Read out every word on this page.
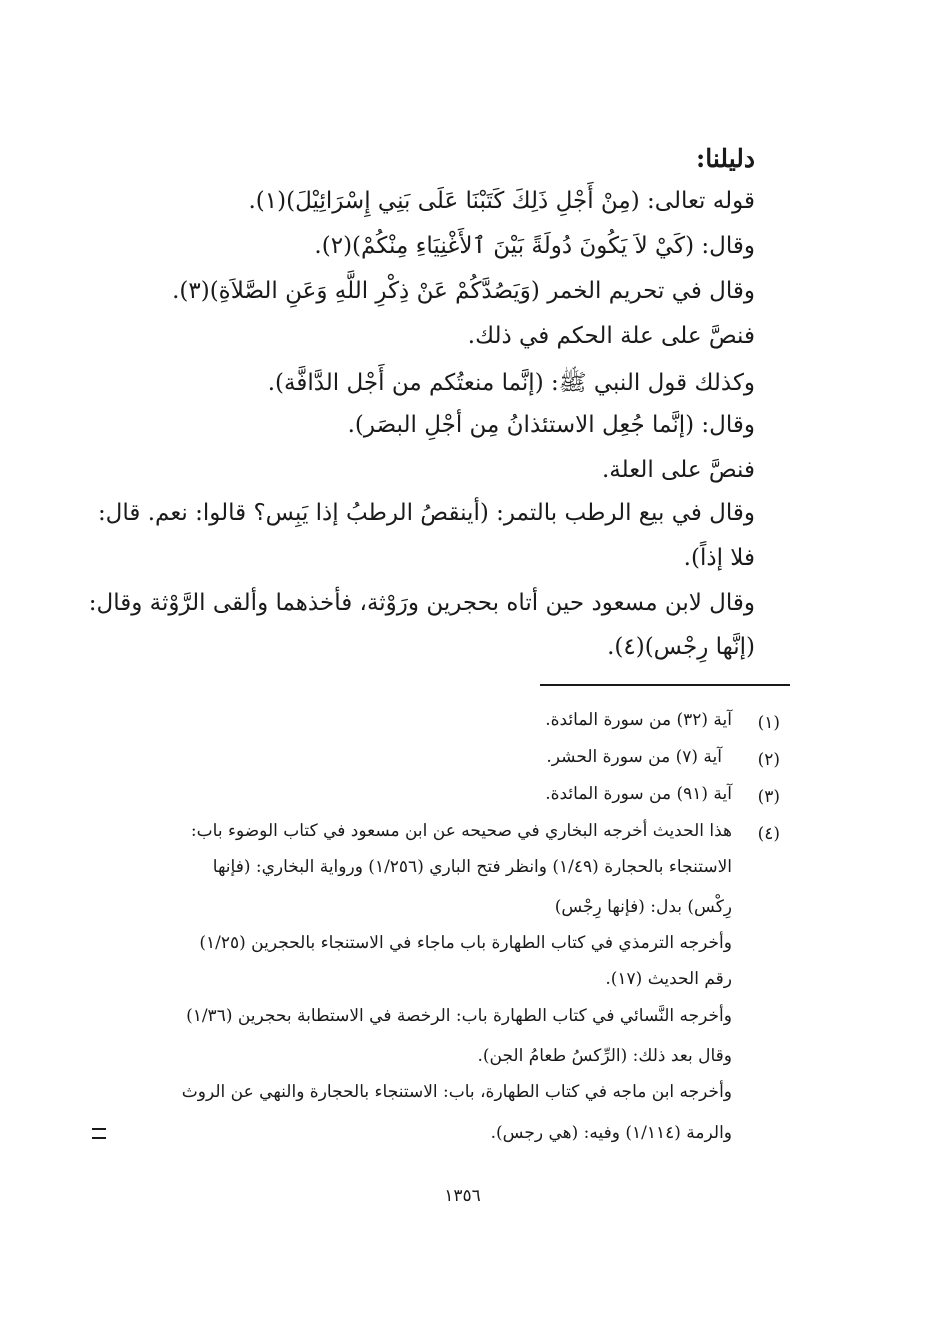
دليلنا:

قوله تعالى: (مِنْ أَجْلِ ذَلِكَ كَتَبْنَا عَلَى بَنِي إِسْرَائِيْلَ)(١).

وقال: (كَيْ لاَ يَكُونَ دُولَةً بَيْنَ ٱلأَغْنِيَاءِ مِنْكُمْ)(٢).

وقال في تحريم الخمر (وَيَصُدَّكُمْ عَنْ ذِكْرِ اللَّهِ وَعَنِ الصَّلاَةِ)(٣).

فنصَّ على علة الحكم في ذلك.

وكذلك قول النبي ﷺ: (إنَّما منعتُكم من أَجْل الدَّافَّة).

وقال: (إنَّما جُعِل الاستئذانُ مِن أجْلِ البصَر).

فنصَّ على العلة.

وقال في بيع الرطب بالتمر: (أينقصُ الرطبُ إذا يَبِس؟ قالوا: نعم. قال:

فلا إذاً).

وقال لابن مسعود حين أتاه بحجرين ورَوْثة، فأخذهما وألقى الرَّوْثة وقال:

(إنَّها رِجْس)(٤).

(١)

آية (٣٢) من سورة المائدة.

(٢)

آية (٧) من سورة الحشر.

(٣)

آية (٩١) من سورة المائدة.

(٤)

هذا الحديث أخرجه البخاري في صحيحه عن ابن مسعود في كتاب الوضوء باب:

الاستنجاء بالحجارة (١/٤٩) وانظر فتح الباري (١/٢٥٦) ورواية البخاري: (فإنها

رِكْس) بدل: (فإنها رِجْس)

وأخرجه الترمذي في كتاب الطهارة باب ماجاء في الاستنجاء بالحجرين (١/٢٥)

رقم الحديث (١٧).

وأخرجه النَّسائي في كتاب الطهارة باب: الرخصة في الاستطابة بحجرين (١/٣٦)

وقال بعد ذلك: (الرِّكسُ طعامُ الجن).

وأخرجه ابن ماجه في كتاب الطهارة، باب: الاستنجاء بالحجارة والنهي عن الروث

والرمة (١/١١٤) وفيه: (هي رجس).

١٣٥٦
